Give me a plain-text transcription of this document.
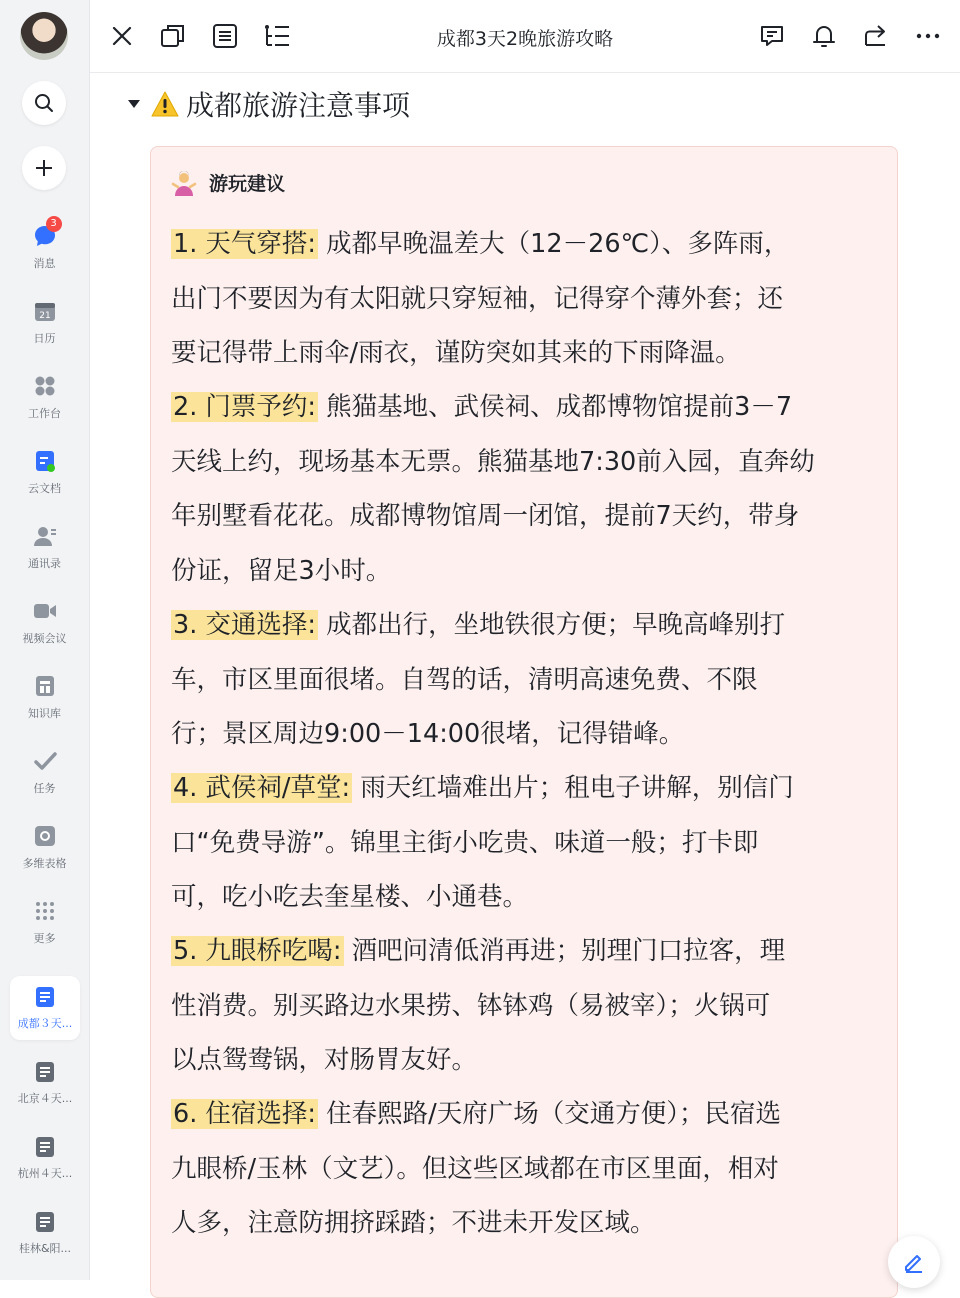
3
消息
21
日历
工作台
云文档
通讯录
视频会议
知识库
任务
多维表格
更多
成都３天...
北京４天...
杭州４天...
桂林&阳...
成都3天2晚旅游攻略
成都旅游注意事项
游玩建议
1. 天气穿搭: 成都早晚温差大（12－26℃）、多阵雨，
出门不要因为有太阳就只穿短袖，记得穿个薄外套；还
要记得带上雨伞/雨衣，谨防突如其来的下雨降温。
2. 门票予约: 熊猫基地、武侯祠、成都博物馆提前3－7
天线上约，现场基本无票。熊猫基地7:30前入园，直奔幼
年别墅看花花。成都博物馆周一闭馆，提前7天约，带身
份证，留足3小时。
3. 交通选择: 成都出行，坐地铁很方便；早晚高峰别打
车，市区里面很堵。自驾的话，清明高速免费、不限
行；景区周边9:00－14:00很堵，记得错峰。
4. 武侯祠/草堂: 雨天红墙难出片；租电子讲解，别信门
口“免费导游”。锦里主街小吃贵、味道一般；打卡即
可，吃小吃去奎星楼、小通巷。
5. 九眼桥吃喝: 酒吧问清低消再进；别理门口拉客，理
性消费。别买路边水果捞、钵钵鸡（易被宰）；火锅可
以点鸳鸯锅，对肠胃友好。
6. 住宿选择: 住春熙路/天府广场（交通方便）；民宿选
九眼桥/玉林（文艺）。但这些区域都在市区里面，相对
人多，注意防拥挤踩踏；不进未开发区域。
